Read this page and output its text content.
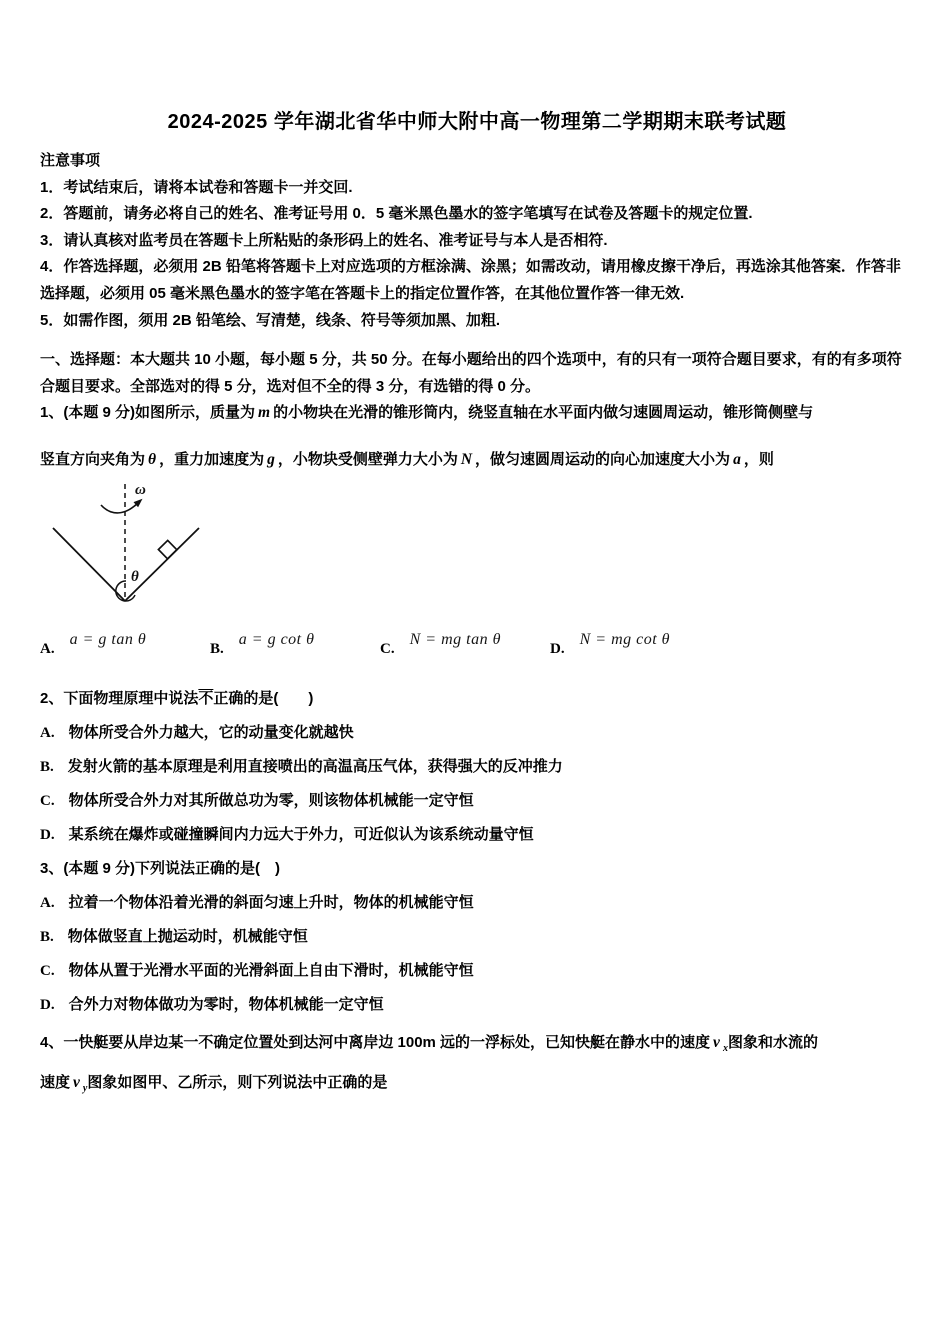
2024-2025 学年湖北省华中师大附中高一物理第二学期期末联考试题
注意事项
1．考试结束后，请将本试卷和答题卡一并交回.
2．答题前，请务必将自己的姓名、准考证号用 0．5 毫米黑色墨水的签字笔填写在试卷及答题卡的规定位置.
3．请认真核对监考员在答题卡上所粘贴的条形码上的姓名、准考证号与本人是否相符.
4．作答选择题，必须用 2B 铅笔将答题卡上对应选项的方框涂满、涂黑；如需改动，请用橡皮擦干净后，再选涂其他答案．作答非选择题，必须用 05 毫米黑色墨水的签字笔在答题卡上的指定位置作答，在其他位置作答一律无效.
5．如需作图，须用 2B 铅笔绘、写清楚，线条、符号等须加黑、加粗.

一、选择题：本大题共 10 小题，每小题 5 分，共 50 分。在每小题给出的四个选项中，有的只有一项符合题目要求，有的有多项符合题目要求。全部选对的得 5 分，选对但不全的得 3 分，有选错的得 0 分。

1、(本题 9 分)如图所示，质量为 m 的小物块在光滑的锥形筒内，绕竖直轴在水平面内做匀速圆周运动，锥形筒侧壁与
竖直方向夹角为 θ ，重力加速度为 g ，小物块受侧壁弹力大小为 N ，做匀速圆周运动的向心加速度大小为 a ，则
ω
θ
A.
a = g tan θ
B.
a = g cot θ
C.
N = mg tan θ
D.
N = mg cot θ
2、下面物理原理中说法不正确的是(　　)
A. 物体所受合外力越大，它的动量变化就越快
B. 发射火箭的基本原理是利用直接喷出的高温高压气体，获得强大的反冲推力
C. 物体所受合外力对其所做总功为零，则该物体机械能一定守恒
D. 某系统在爆炸或碰撞瞬间内力远大于外力，可近似认为该系统动量守恒
3、(本题 9 分)下列说法正确的是(　)
A. 拉着一个物体沿着光滑的斜面匀速上升时，物体的机械能守恒
B. 物体做竖直上抛运动时，机械能守恒
C. 物体从置于光滑水平面的光滑斜面上自由下滑时，机械能守恒
D. 合外力对物体做功为零时，物体机械能一定守恒
4、一快艇要从岸边某一不确定位置处到达河中离岸边 100m 远的一浮标处，已知快艇在静水中的速度 v $_x$图象和水流的
速度 v $_y$图象如图甲、乙所示，则下列说法中正确的是
